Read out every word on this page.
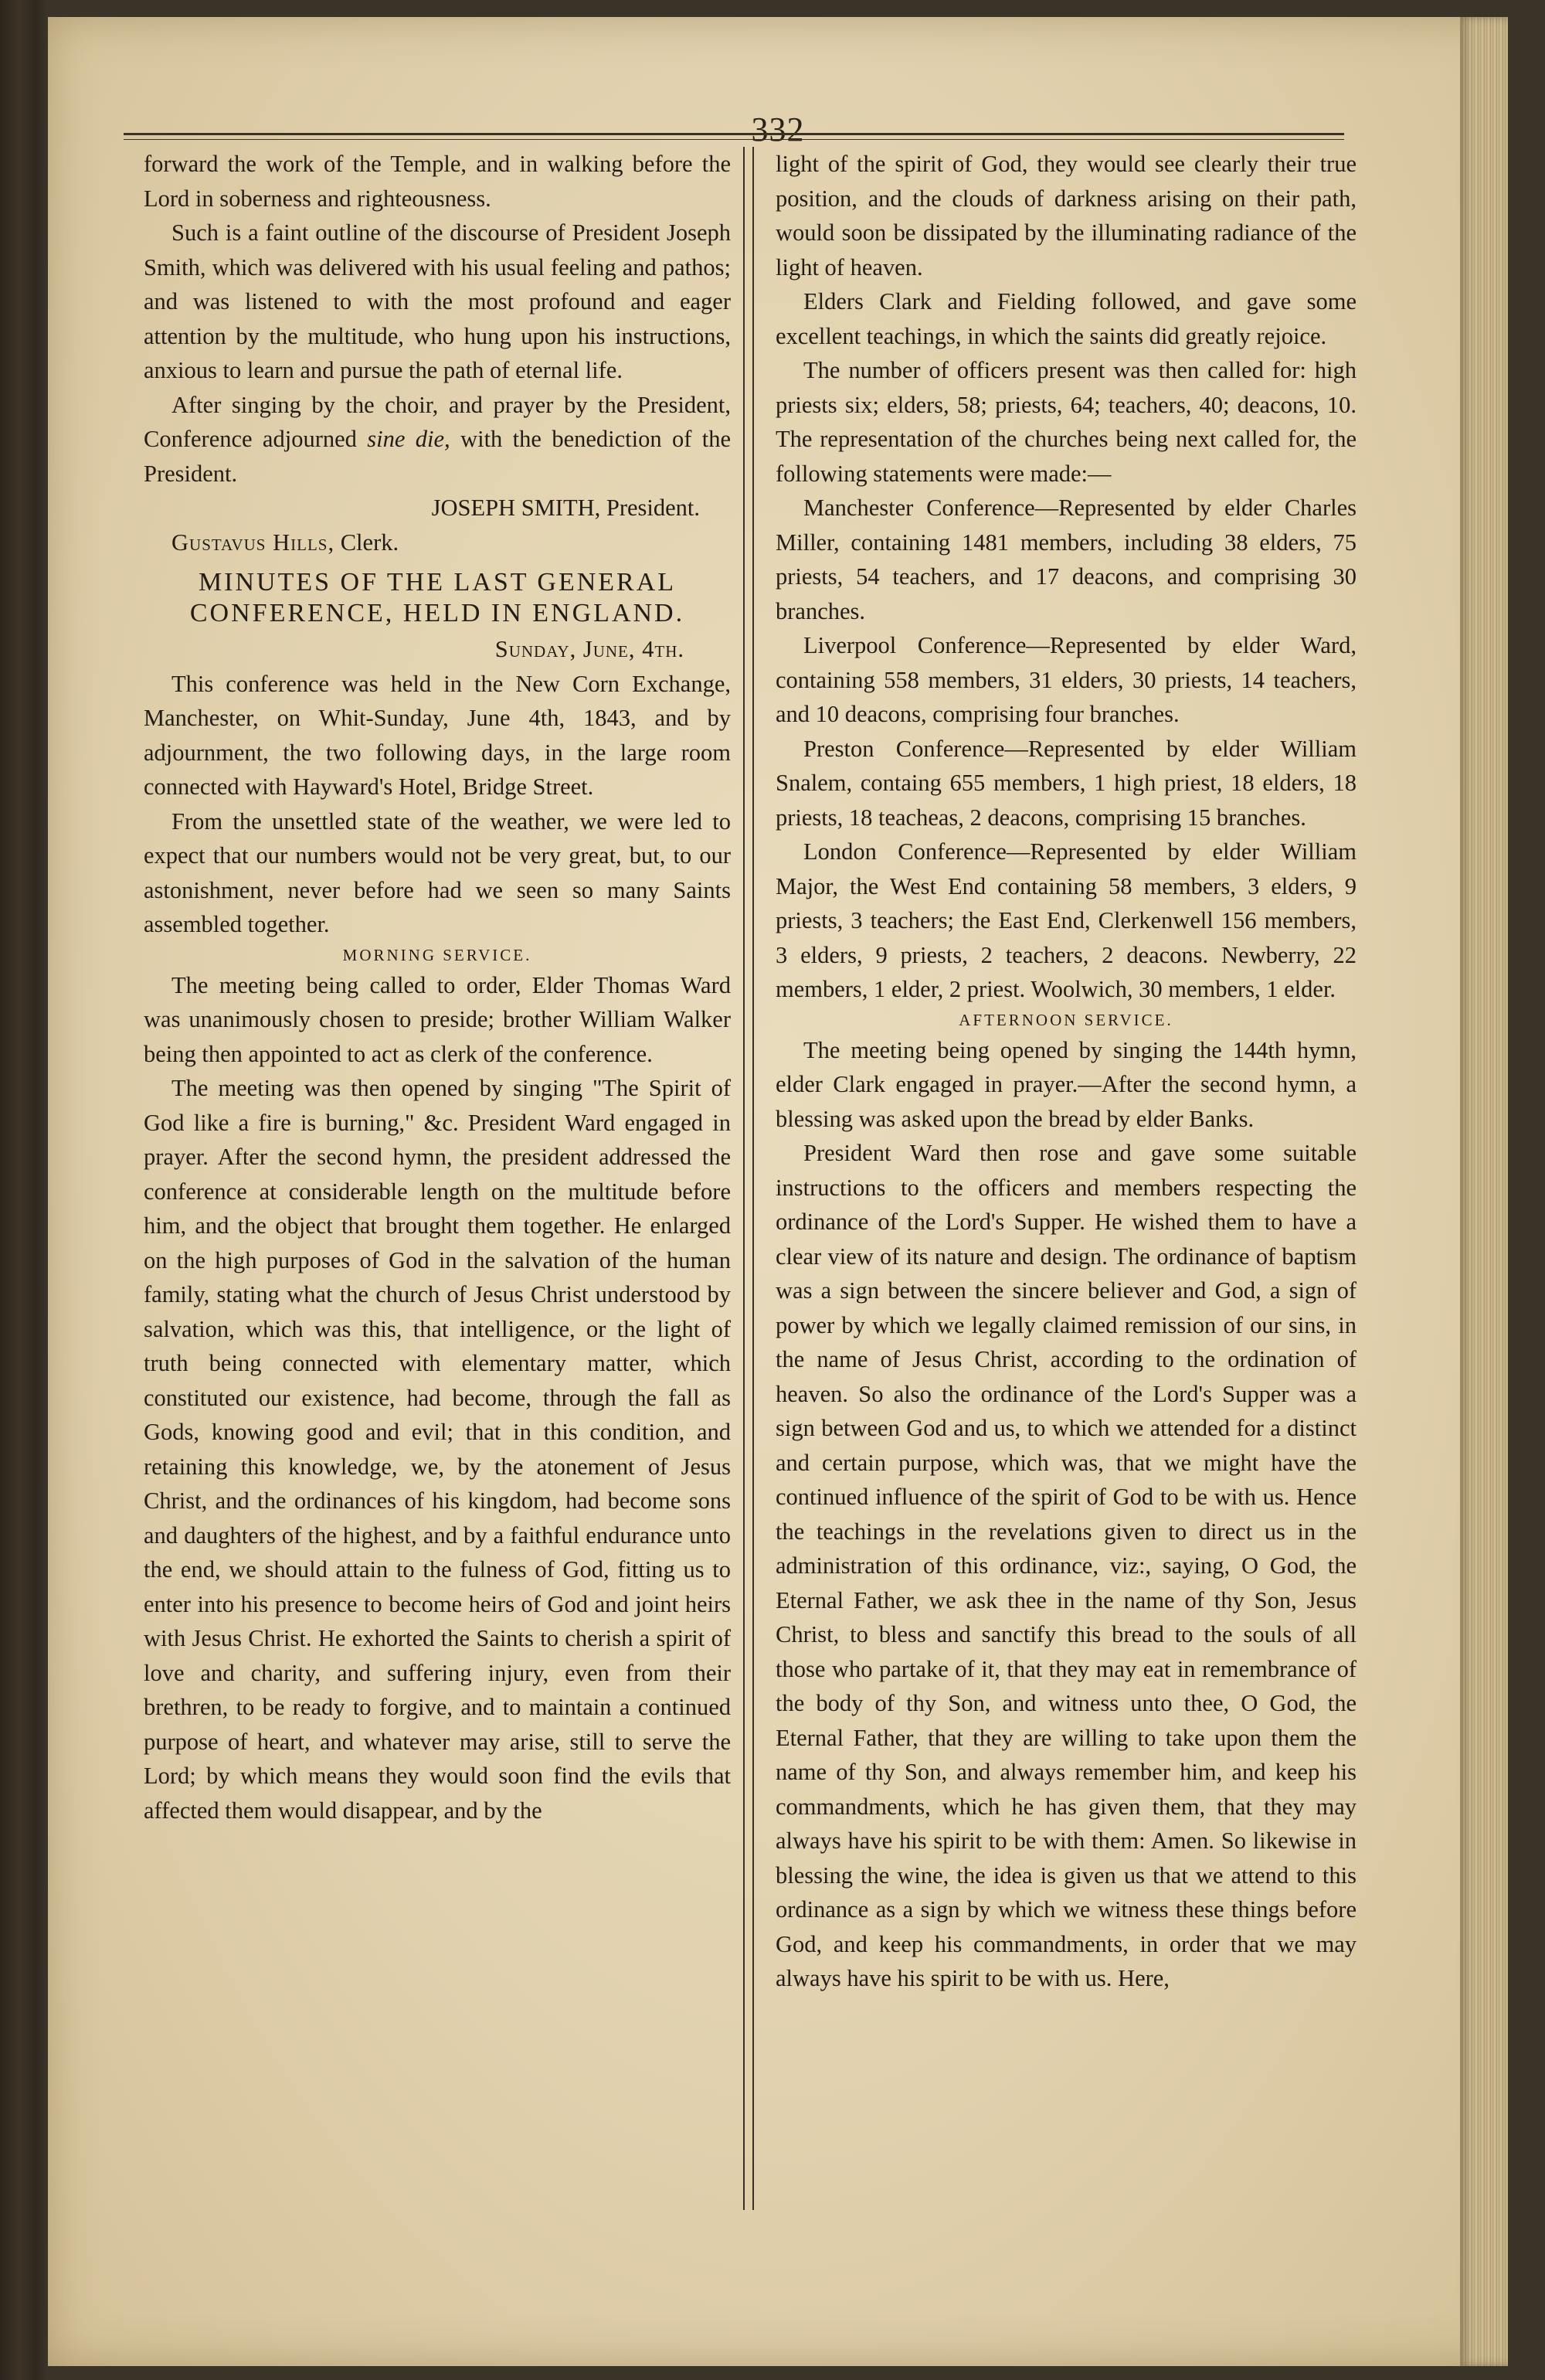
332

forward the work of the Temple, and in walking before the Lord in soberness and righteousness.

Such is a faint outline of the discourse of President Joseph Smith, which was delivered with his usual feeling and pathos; and was listened to with the most profound and eager attention by the multitude, who hung upon his instructions, anxious to learn and pursue the path of eternal life.

After singing by the choir, and prayer by the President, Conference adjourned sine die, with the benediction of the President.

JOSEPH SMITH, President.

Gustavus Hills, Clerk.

MINUTES OF THE LAST GENERAL CONFERENCE, HELD IN ENGLAND.
Sunday, June, 4th.

This conference was held in the New Corn Exchange, Manchester, on Whit-Sunday, June 4th, 1843, and by adjournment, the two following days, in the large room connected with Hayward's Hotel, Bridge Street.

From the unsettled state of the weather, we were led to expect that our numbers would not be very great, but, to our astonishment, never before had we seen so many Saints assembled together.

MORNING SERVICE.

The meeting being called to order, Elder Thomas Ward was unanimously chosen to preside; brother William Walker being then appointed to act as clerk of the conference.

The meeting was then opened by singing "The Spirit of God like a fire is burning," &c. President Ward engaged in prayer. After the second hymn, the president addressed the conference at considerable length on the multitude before him, and the object that brought them together. He enlarged on the high purposes of God in the salvation of the human family, stating what the church of Jesus Christ understood by salvation, which was this, that intelligence, or the light of truth being connected with elementary matter, which constituted our existence, had become, through the fall as Gods, knowing good and evil; that in this condition, and retaining this knowledge, we, by the atonement of Jesus Christ, and the ordinances of his kingdom, had become sons and daughters of the highest, and by a faithful endurance unto the end, we should attain to the fulness of God, fitting us to enter into his presence to become heirs of God and joint heirs with Jesus Christ. He exhorted the Saints to cherish a spirit of love and charity, and suffering injury, even from their brethren, to be ready to forgive, and to maintain a continued purpose of heart, and whatever may arise, still to serve the Lord; by which means they would soon find the evils that affected them would disappear, and by the

light of the spirit of God, they would see clearly their true position, and the clouds of darkness arising on their path, would soon be dissipated by the illuminating radiance of the light of heaven.

Elders Clark and Fielding followed, and gave some excellent teachings, in which the saints did greatly rejoice.

The number of officers present was then called for: high priests six; elders, 58; priests, 64; teachers, 40; deacons, 10. The representation of the churches being next called for, the following statements were made:—

Manchester Conference—Represented by elder Charles Miller, containing 1481 members, including 38 elders, 75 priests, 54 teachers, and 17 deacons, and comprising 30 branches.

Liverpool Conference—Represented by elder Ward, containing 558 members, 31 elders, 30 priests, 14 teachers, and 10 deacons, comprising four branches.

Preston Conference—Represented by elder William Snalem, containg 655 members, 1 high priest, 18 elders, 18 priests, 18 teacheas, 2 deacons, comprising 15 branches.

London Conference—Represented by elder William Major, the West End containing 58 members, 3 elders, 9 priests, 3 teachers; the East End, Clerkenwell 156 members, 3 elders, 9 priests, 2 teachers, 2 deacons. Newberry, 22 members, 1 elder, 2 priest. Woolwich, 30 members, 1 elder.

AFTERNOON SERVICE.

The meeting being opened by singing the 144th hymn, elder Clark engaged in prayer.—After the second hymn, a blessing was asked upon the bread by elder Banks.

President Ward then rose and gave some suitable instructions to the officers and members respecting the ordinance of the Lord's Supper. He wished them to have a clear view of its nature and design. The ordinance of baptism was a sign between the sincere believer and God, a sign of power by which we legally claimed remission of our sins, in the name of Jesus Christ, according to the ordination of heaven. So also the ordinance of the Lord's Supper was a sign between God and us, to which we attended for a distinct and certain purpose, which was, that we might have the continued influence of the spirit of God to be with us. Hence the teachings in the revelations given to direct us in the administration of this ordinance, viz:, saying, O God, the Eternal Father, we ask thee in the name of thy Son, Jesus Christ, to bless and sanctify this bread to the souls of all those who partake of it, that they may eat in remembrance of the body of thy Son, and witness unto thee, O God, the Eternal Father, that they are willing to take upon them the name of thy Son, and always remember him, and keep his commandments, which he has given them, that they may always have his spirit to be with them: Amen. So likewise in blessing the wine, the idea is given us that we attend to this ordinance as a sign by which we witness these things before God, and keep his commandments, in order that we may always have his spirit to be with us. Here,
